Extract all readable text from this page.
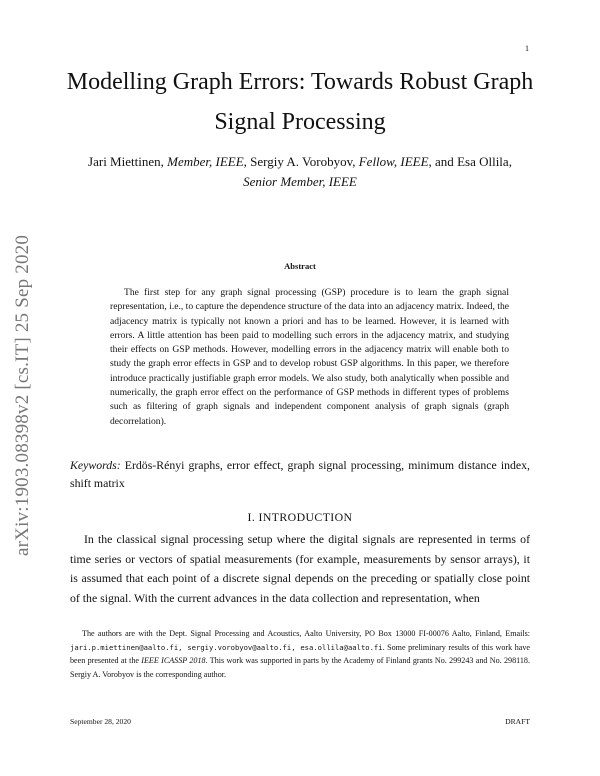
1
Modelling Graph Errors: Towards Robust Graph Signal Processing
Jari Miettinen, Member, IEEE, Sergiy A. Vorobyov, Fellow, IEEE, and Esa Ollila, Senior Member, IEEE
arXiv:1903.08398v2 [cs.IT] 25 Sep 2020	Abstract
The first step for any graph signal processing (GSP) procedure is to learn the graph signal representation, i.e., to capture the dependence structure of the data into an adjacency matrix. Indeed, the adjacency matrix is typically not known a priori and has to be learned. However, it is learned with errors. A little attention has been paid to modelling such errors in the adjacency matrix, and studying their effects on GSP methods. However, modelling errors in the adjacency matrix will enable both to study the graph error effects in GSP and to develop robust GSP algorithms. In this paper, we therefore introduce practically justifiable graph error models. We also study, both analytically when possible and numerically, the graph error effect on the performance of GSP methods in different types of problems such as filtering of graph signals and independent component analysis of graph signals (graph decorrelation).
Keywords: Erdös-Rényi graphs, error effect, graph signal processing, minimum distance index, shift matrix
I. INTRODUCTION
In the classical signal processing setup where the digital signals are represented in terms of time series or vectors of spatial measurements (for example, measurements by sensor arrays), it is assumed that each point of a discrete signal depends on the preceding or spatially close point of the signal. With the current advances in the data collection and representation, when
The authors are with the Dept. Signal Processing and Acoustics, Aalto University, PO Box 13000 FI-00076 Aalto, Finland, Emails: jari.p.miettinen@aalto.fi, sergiy.vorobyov@aalto.fi, esa.ollila@aalto.fi. Some preliminary results of this work have been presented at the IEEE ICASSP 2018. This work was supported in parts by the Academy of Finland grants No. 299243 and No. 298118. Sergiy A. Vorobyov is the corresponding author.
September 28, 2020	DRAFT
